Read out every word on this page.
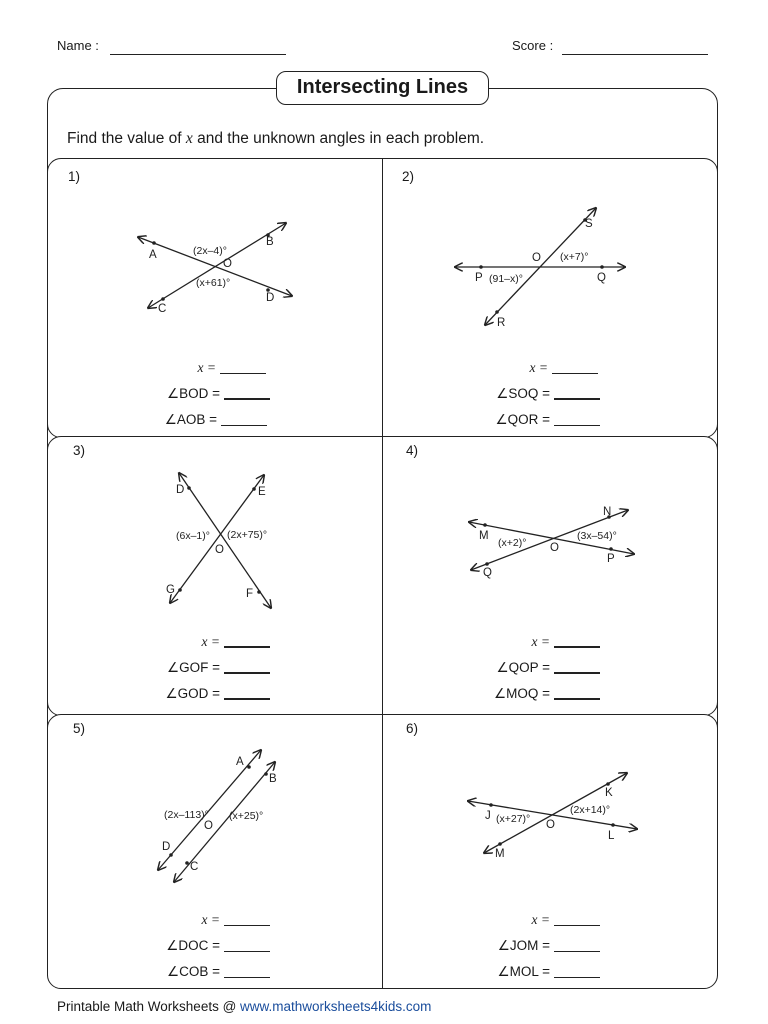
Name :	Score :
Intersecting Lines
Find the value of x and the unknown angles in each problem.
1)
A
B
C
D
O
(2x–4)°
(x+61)°
x =
∠BOD =
∠AOB =
2)
S
P	Q
R
O (x+7)°
(91–x)°
x =
∠SOQ =
∠QOR =
3)
D	E
G	F
O
(6x–1)° (2x+75)°
x =
∠GOF =
∠GOD =
4)
N
M
Q
P
O
(x+2)°
(3x–54)°
x =
∠QOP =
∠MOQ =
5)
A
B
D
C
O
(2x–113)° (x+25)°
x =
∠DOC =
∠COB =
6)
K
J
L
M
O
(x+27)°
(2x+14)°
x =
∠JOM =
∠MOL =
Printable Math Worksheets @ www.mathworksheets4kids.com
